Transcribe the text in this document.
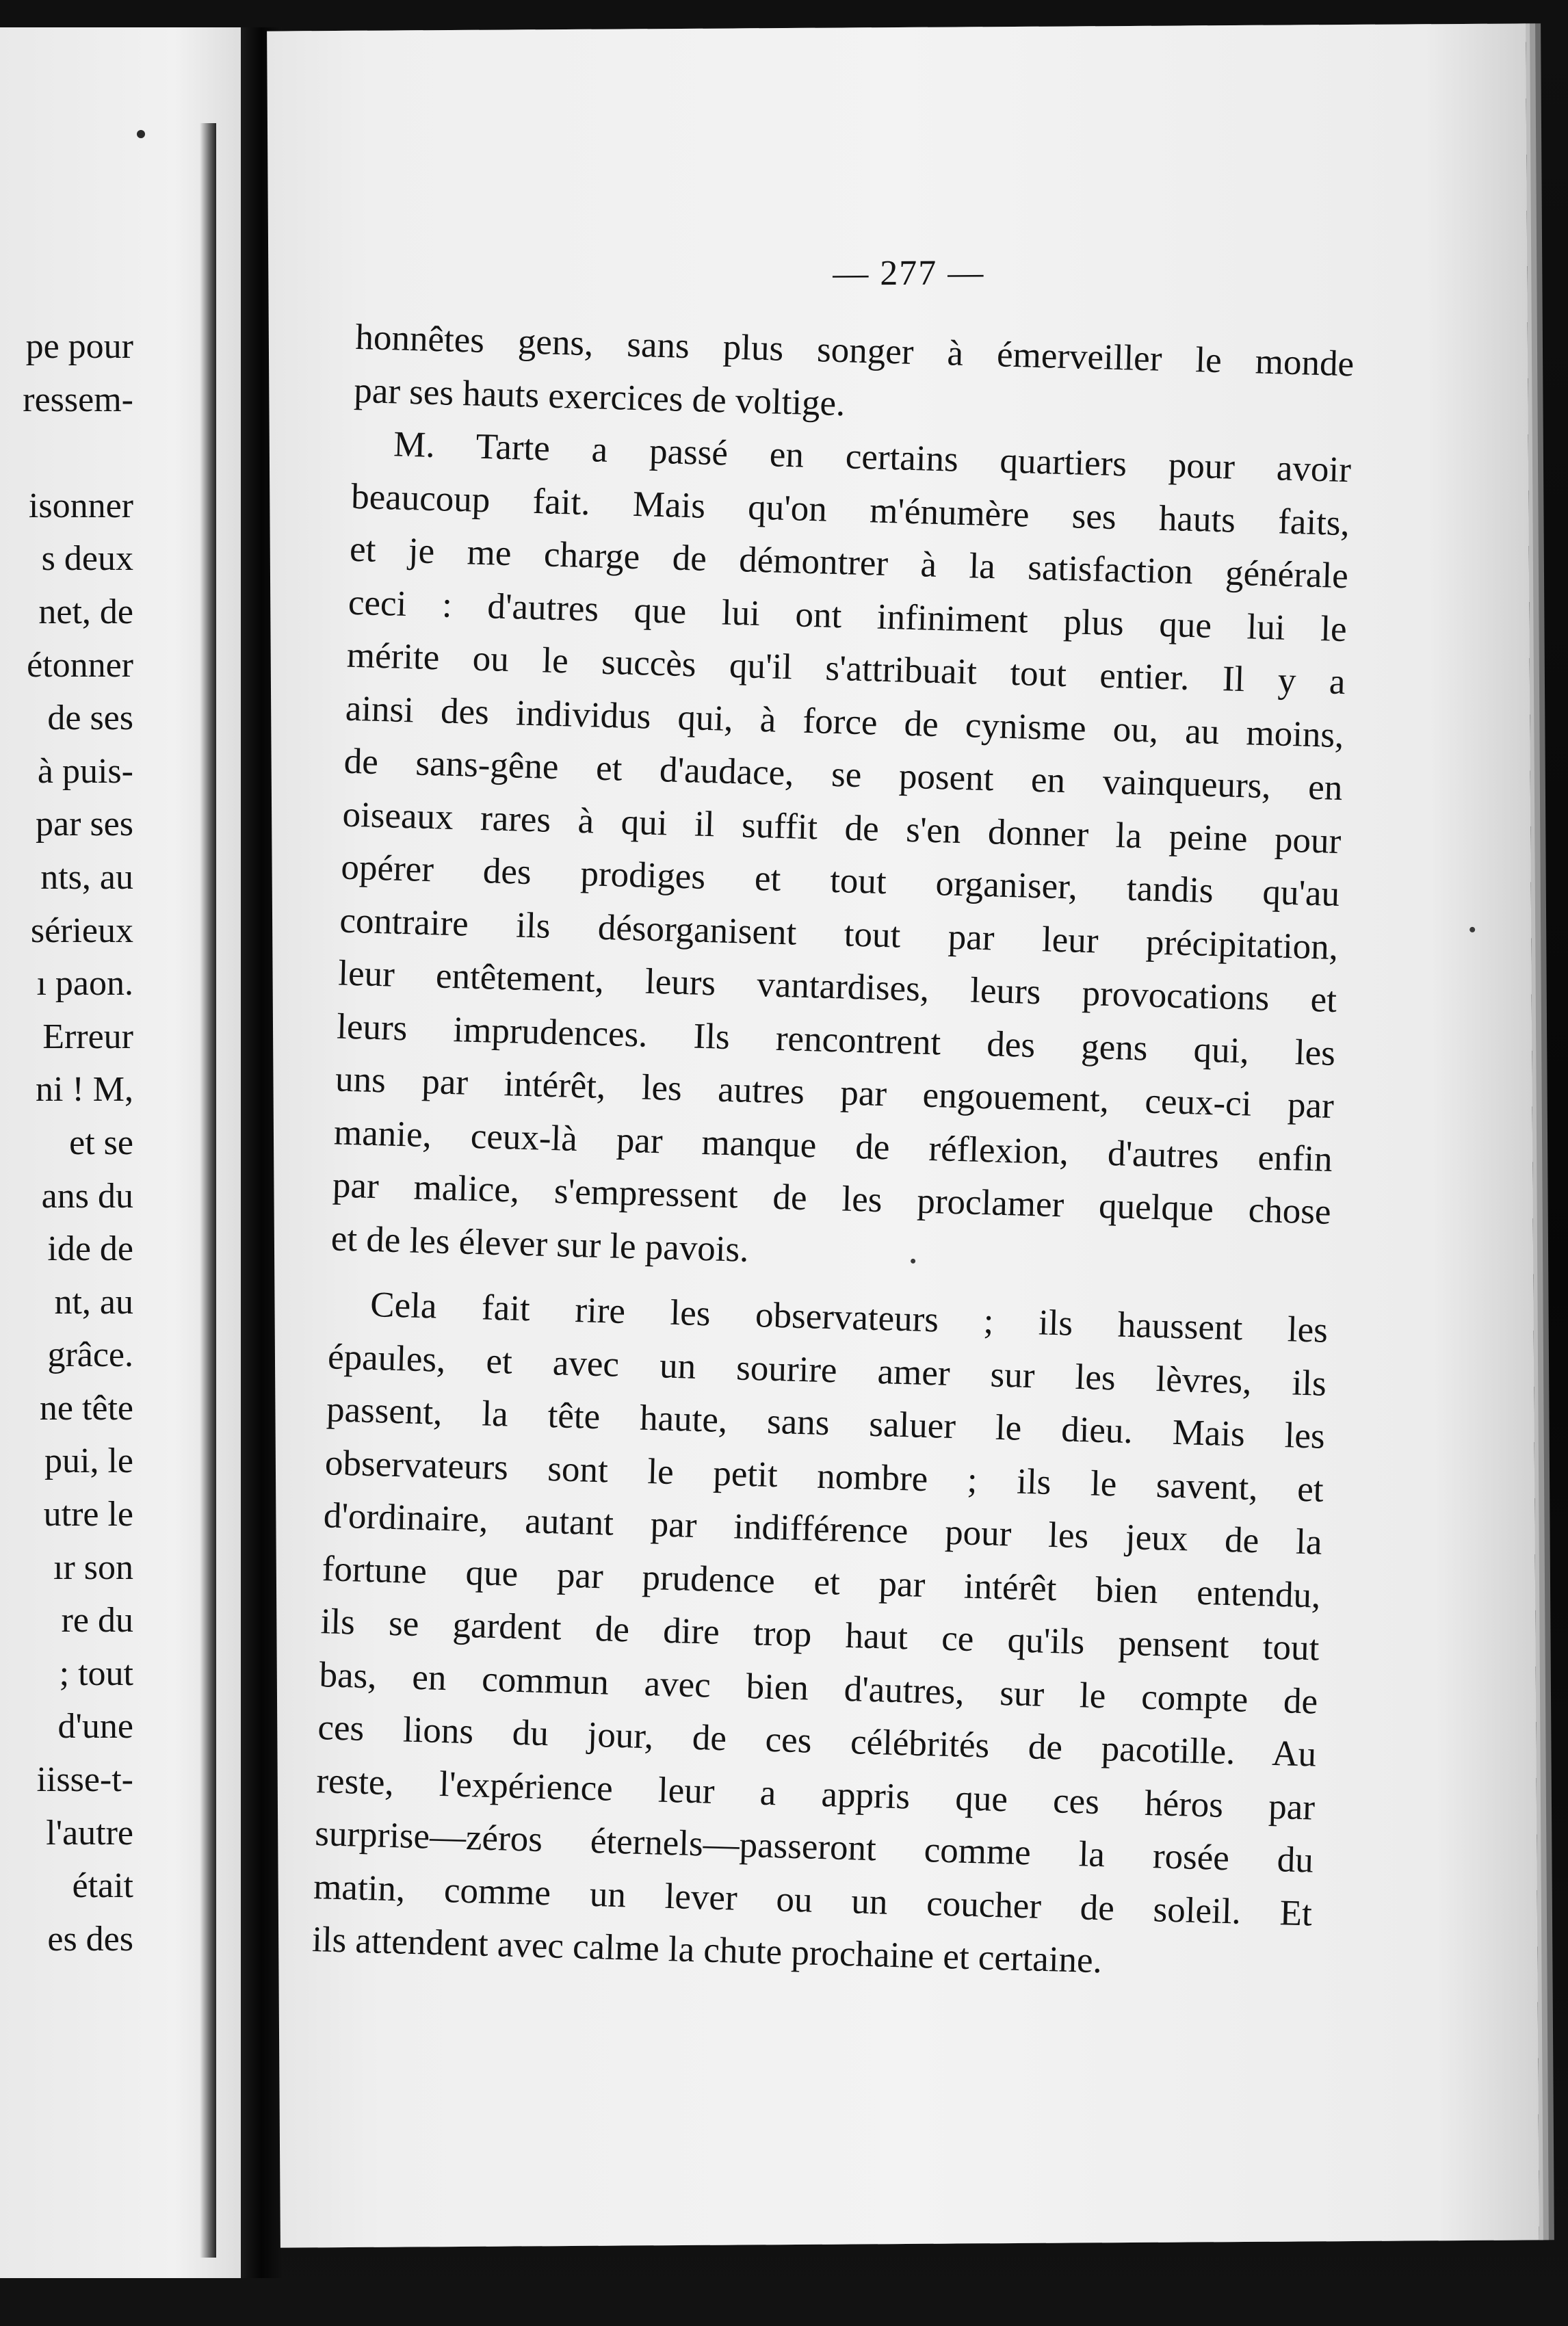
pe pour
ressem-
isonner
s deux
net, de
étonner
de ses
à puis-
par ses
nts, au
sérieux
ı paon.
Erreur
ni ! M,
et se
ans du
ide de
nt, au
grâce.
ne tête
pui, le
utre le
ır son
re du
; tout
d'une
iisse-t-
l'autre
était
es des
— 277 —
honnêtes gens, sans plus songer à émerveiller le monde
par ses hauts exercices de voltige.
M. Tarte a passé en certains quartiers pour avoir
beaucoup fait. Mais qu'on m'énumère ses hauts faits,
et je me charge de démontrer à la satisfaction générale
ceci : d'autres que lui ont infiniment plus que lui le
mérite ou le succès qu'il s'attribuait tout entier. Il y a
ainsi des individus qui, à force de cynisme ou, au moins,
de sans-gêne et d'audace, se posent en vainqueurs, en
oiseaux rares à qui il suffit de s'en donner la peine pour
opérer des prodiges et tout organiser, tandis qu'au
contraire ils désorganisent tout par leur précipitation,
leur entêtement, leurs vantardises, leurs provocations et
leurs imprudences. Ils rencontrent des gens qui, les
uns par intérêt, les autres par engouement, ceux-ci par
manie, ceux-là par manque de réflexion, d'autres enfin
par malice, s'empressent de les proclamer quelque chose
et de les élever sur le pavois.
Cela fait rire les observateurs ; ils haussent les
épaules, et avec un sourire amer sur les lèvres, ils
passent, la tête haute, sans saluer le dieu. Mais les
observateurs sont le petit nombre ; ils le savent, et
d'ordinaire, autant par indifférence pour les jeux de la
fortune que par prudence et par intérêt bien entendu,
ils se gardent de dire trop haut ce qu'ils pensent tout
bas, en commun avec bien d'autres, sur le compte de
ces lions du jour, de ces célébrités de pacotille. Au
reste, l'expérience leur a appris que ces héros par
surprise—zéros éternels—passeront comme la rosée du
matin, comme un lever ou un coucher de soleil. Et
ils attendent avec calme la chute prochaine et certaine.
